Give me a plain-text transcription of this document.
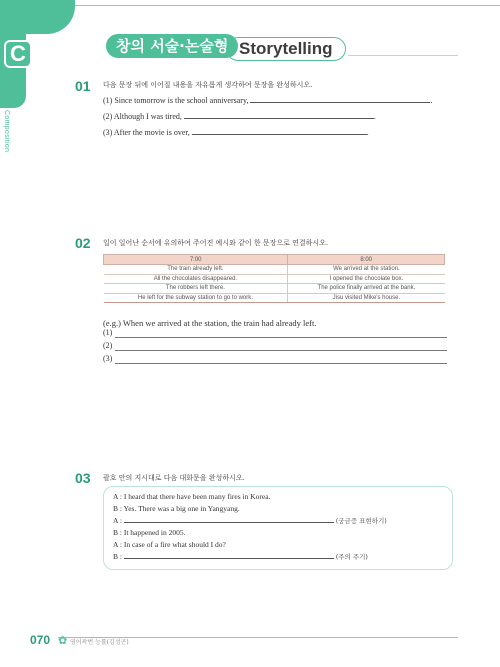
C
Composition
Storytelling
창의 서술·논술형
01 다음 문장 뒤에 이어질 내용을 자유롭게 생각하여 문장을 완성하시오.
(1) Since tomorrow is the school anniversary,	.
(2) Although I was tired,	.
(3) After the movie is over,	.
02 일이 일어난 순서에 유의하여 주어진 예시와 같이 한 문장으로 연결하시오.
7:00	8:00
The train already left.	We arrived at the station.
All the chocolates disappeared.	I opened the chocolate box.
The robbers left there.	The police finally arrived at the bank.
He left for the subway station to go to work.	Jisu visited Mike's house.
(e.g.) When we arrived at the station, the train had already left.
(1)
(2)
(3)
03 괄호 안의 지시대로 다음 대화문을 완성하시오.
A : I heard that there have been many fires in Korea.
B : Yes. There was a big one in Yangyang.
A :	(궁금증 표현하기)
B : It happened in 2005.
A : In case of a fire what should I do?
B :	(주의 주기)
070 ✿ 영어곽번 능률(김성곤)
